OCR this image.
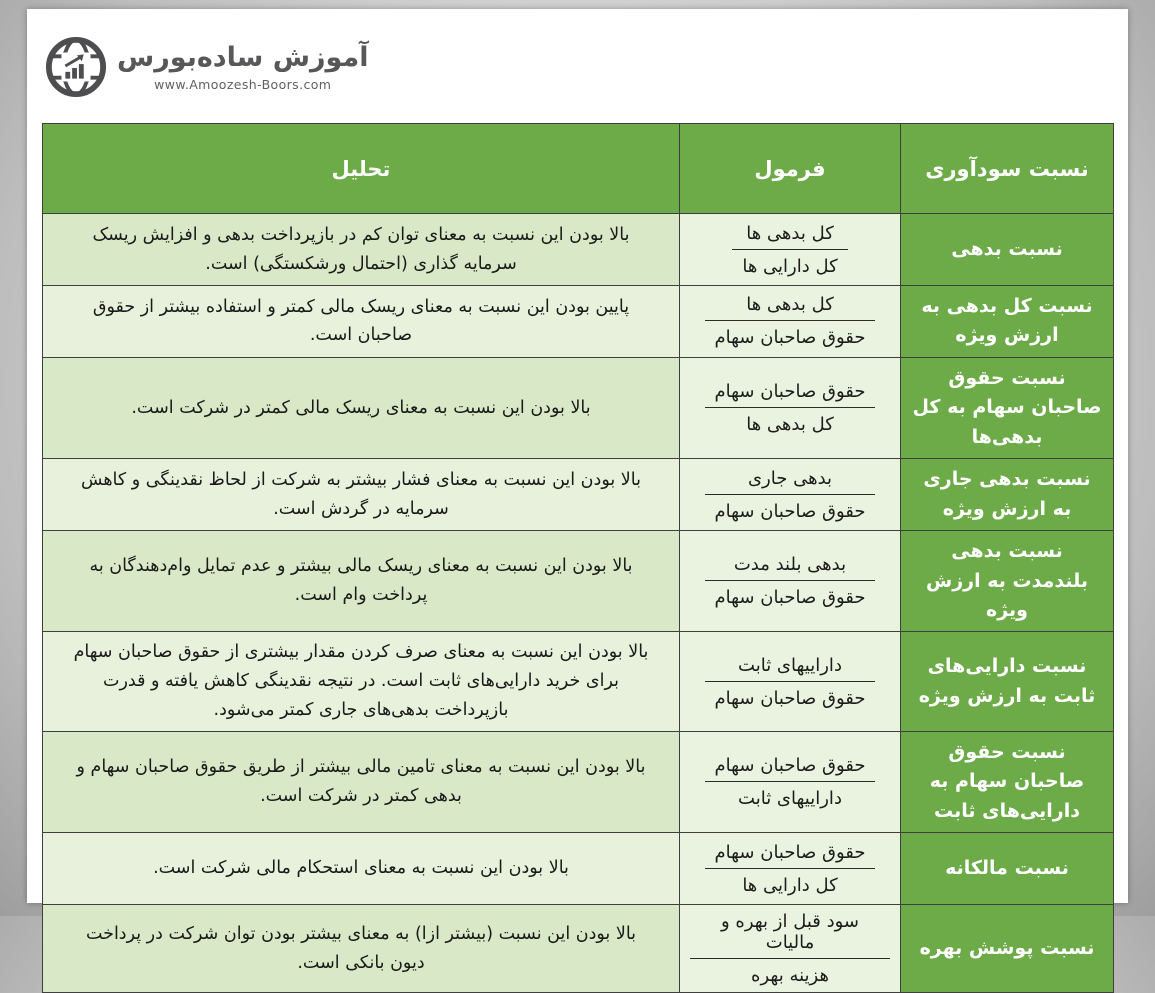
آموزش ساده‌بورس
www.Amoozesh-Boors.com
نسبت سودآوری	فرمول	تحلیل
نسبت بدهی	$\frac{\text{کل بدهی ها}}{\text{کل دارایی ها}}$	بالا بودن این نسبت به معنای توان کم در بازپرداخت بدهی و افزایش ریسک سرمایه گذاری (احتمال ورشکستگی) است.
نسبت کل بدهی به ارزش ویژه	$\frac{\text{کل بدهی ها}}{\text{حقوق صاحبان سهام}}$	پایین بودن این نسبت به معنای ریسک مالی کمتر و استفاده بیشتر از حقوق صاحبان است.
نسبت حقوق صاحبان سهام به کل بدهی‌ها	$\frac{\text{حقوق صاحبان سهام}}{\text{کل بدهی ها}}$	بالا بودن این نسبت به معنای ریسک مالی کمتر در شرکت است.
نسبت بدهی جاری به ارزش ویژه	$\frac{\text{بدهی جاری}}{\text{حقوق صاحبان سهام}}$	بالا بودن این نسبت به معنای فشار بیشتر به شرکت از لحاظ نقدینگی و کاهش سرمایه در گردش است.
نسبت بدهی بلندمدت به ارزش ویژه	$\frac{\text{بدهی بلند مدت}}{\text{حقوق صاحبان سهام}}$	بالا بودن این نسبت به معنای ریسک مالی بیشتر و عدم تمایل وام‌دهندگان به پرداخت وام است.
نسبت دارایی‌های ثابت به ارزش ویژه	$\frac{\text{داراییهای ثابت}}{\text{حقوق صاحبان سهام}}$	بالا بودن این نسبت به معنای صرف کردن مقدار بیشتری از حقوق صاحبان سهام برای خرید دارایی‌های ثابت است. در نتیجه نقدینگی کاهش یافته و قدرت بازپرداخت بدهی‌های جاری کمتر می‌شود.
نسبت حقوق صاحبان سهام به دارایی‌های ثابت	$\frac{\text{حقوق صاحبان سهام}}{\text{داراییهای ثابت}}$	بالا بودن این نسبت به معنای تامین مالی بیشتر از طریق حقوق صاحبان سهام و بدهی کمتر در شرکت است.
نسبت مالکانه	$\frac{\text{حقوق صاحبان سهام}}{\text{کل دارایی ها}}$	بالا بودن این نسبت به معنای استحکام مالی شرکت است.
نسبت پوشش بهره	$\frac{\text{سود قبل از بهره و مالیات}}{\text{هزینه بهره}}$	بالا بودن این نسبت (بیشتر ازا) به معنای بیشتر بودن توان شرکت در پرداخت دیون بانکی است.
